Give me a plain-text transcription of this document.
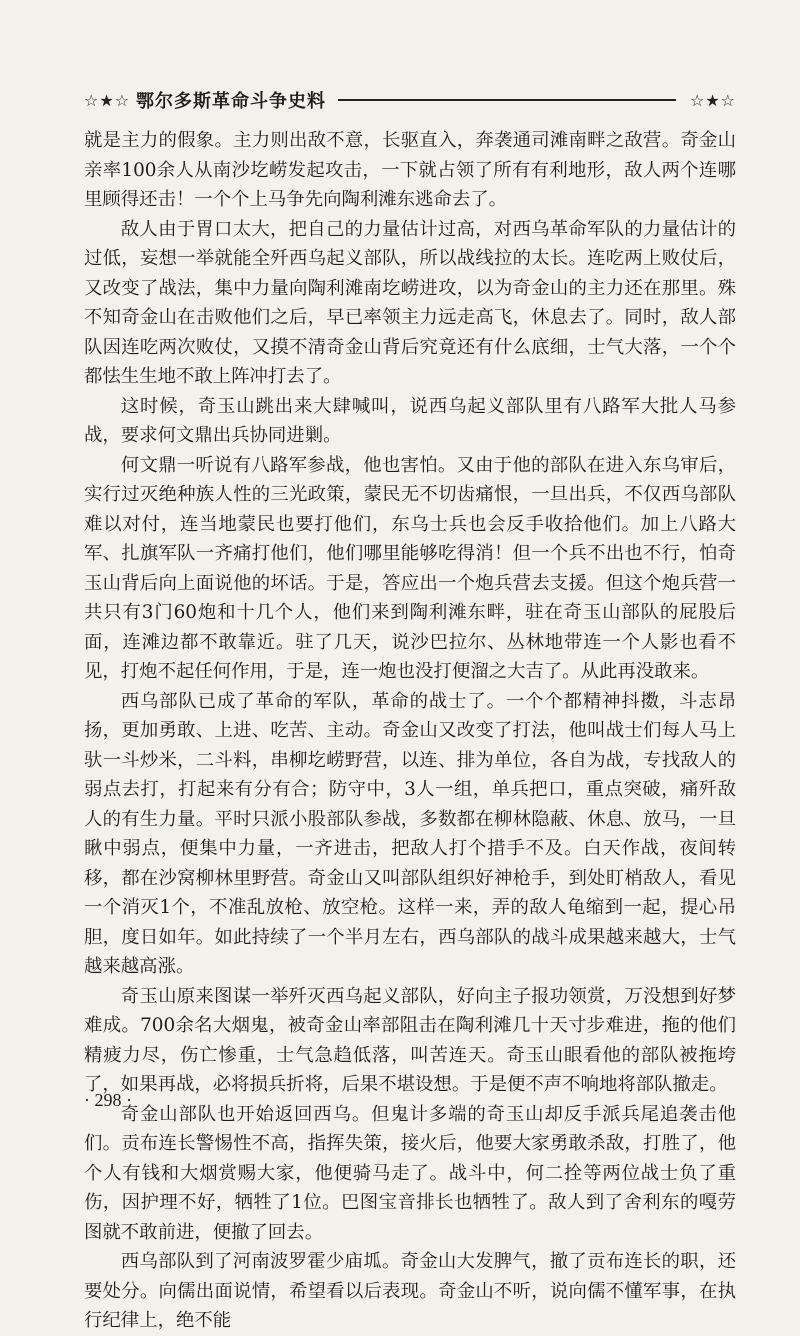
☆★☆ 鄂尔多斯革命斗争史料	☆★☆

就是主力的假象。主力则出敌不意，长驱直入，奔袭通司滩南畔之敌营。奇金山亲率100余人从南沙圪崂发起攻击，一下就占领了所有有利地形，敌人两个连哪里顾得还击！一个个上马争先向陶利滩东逃命去了。

敌人由于胃口太大，把自己的力量估计过高，对西乌革命军队的力量估计的过低，妄想一举就能全歼西乌起义部队，所以战线拉的太长。连吃两上败仗后，又改变了战法，集中力量向陶利滩南圪崂进攻，以为奇金山的主力还在那里。殊不知奇金山在击败他们之后，早已率领主力远走高飞，休息去了。同时，敌人部队因连吃两次败仗，又摸不清奇金山背后究竟还有什么底细，士气大落，一个个都怯生生地不敢上阵冲打去了。

这时候，奇玉山跳出来大肆喊叫，说西乌起义部队里有八路军大批人马参战，要求何文鼎出兵协同进剿。

何文鼎一听说有八路军参战，他也害怕。又由于他的部队在进入东乌审后，实行过灭绝种族人性的三光政策，蒙民无不切齿痛恨，一旦出兵，不仅西乌部队难以对付，连当地蒙民也要打他们，东乌士兵也会反手收拾他们。加上八路大军、扎旗军队一齐痛打他们，他们哪里能够吃得消！但一个兵不出也不行，怕奇玉山背后向上面说他的坏话。于是，答应出一个炮兵营去支援。但这个炮兵营一共只有3门60炮和十几个人，他们来到陶利滩东畔，驻在奇玉山部队的屁股后面，连滩边都不敢靠近。驻了几天，说沙巴拉尔、丛林地带连一个人影也看不见，打炮不起任何作用，于是，连一炮也没打便溜之大吉了。从此再没敢来。

西乌部队已成了革命的军队，革命的战士了。一个个都精神抖擞，斗志昂扬，更加勇敢、上进、吃苦、主动。奇金山又改变了打法，他叫战士们每人马上驮一斗炒米，二斗料，串柳圪崂野营，以连、排为单位，各自为战，专找敌人的弱点去打，打起来有分有合；防守中，3人一组，单兵把口，重点突破，痛歼敌人的有生力量。平时只派小股部队参战，多数都在柳林隐蔽、休息、放马，一旦瞅中弱点，便集中力量，一齐进击，把敌人打个措手不及。白天作战，夜间转移，都在沙窝柳林里野营。奇金山又叫部队组织好神枪手，到处盯梢敌人，看见一个消灭1个，不准乱放枪、放空枪。这样一来，弄的敌人龟缩到一起，提心吊胆，度日如年。如此持续了一个半月左右，西乌部队的战斗成果越来越大，士气越来越高涨。

奇玉山原来图谋一举歼灭西乌起义部队，好向主子报功领赏，万没想到好梦难成。700余名大烟鬼，被奇金山率部阻击在陶利滩几十天寸步难进，拖的他们精疲力尽，伤亡惨重，士气急趋低落，叫苦连天。奇玉山眼看他的部队被拖垮了，如果再战，必将损兵折将，后果不堪设想。于是便不声不响地将部队撤走。

奇金山部队也开始返回西乌。但鬼计多端的奇玉山却反手派兵尾追袭击他们。贡布连长警惕性不高，指挥失策，接火后，他要大家勇敢杀敌，打胜了，他个人有钱和大烟赏赐大家，他便骑马走了。战斗中，何二拴等两位战士负了重伤，因护理不好，牺牲了1位。巴图宝音排长也牺牲了。敌人到了舍利东的嘎劳图就不敢前进，便撤了回去。

西乌部队到了河南波罗霍少庙坬。奇金山大发脾气，撤了贡布连长的职，还要处分。向儒出面说情，希望看以后表现。奇金山不听，说向儒不懂军事，在执行纪律上，绝不能

· 298 ·
